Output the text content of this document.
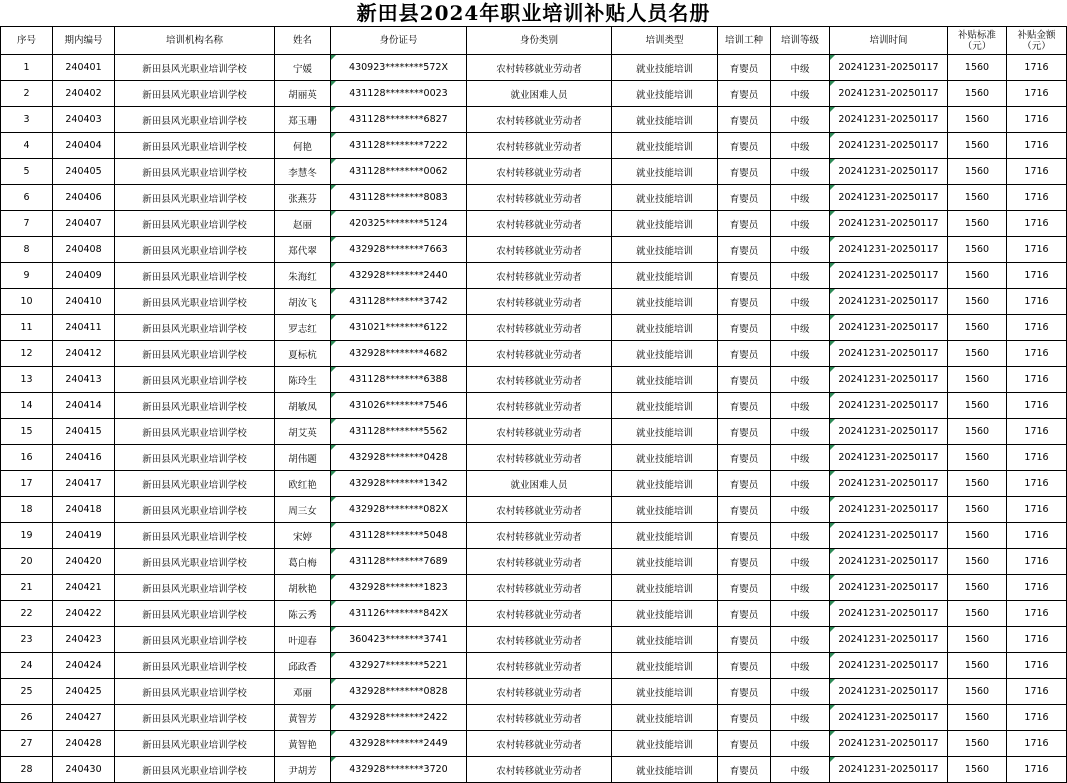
新田县2024年职业培训补贴人员名册
序号	期内编号	培训机构名称	姓名	身份证号	身份类别	培训类型	培训工种	培训等级	培训时间	补贴标准（元）	补贴金额（元）
1	240401	新田县风光职业培训学校	宁媛	430923********572X	农村转移就业劳动者	就业技能培训	育婴员	中级	20241231-20250117	1560	1716
2	240402	新田县风光职业培训学校	胡丽英	431128********0023	就业困难人员	就业技能培训	育婴员	中级	20241231-20250117	1560	1716
3	240403	新田县风光职业培训学校	郑玉珊	431128********6827	农村转移就业劳动者	就业技能培训	育婴员	中级	20241231-20250117	1560	1716
4	240404	新田县风光职业培训学校	何艳	431128********7222	农村转移就业劳动者	就业技能培训	育婴员	中级	20241231-20250117	1560	1716
5	240405	新田县风光职业培训学校	李慧冬	431128********0062	农村转移就业劳动者	就业技能培训	育婴员	中级	20241231-20250117	1560	1716
6	240406	新田县风光职业培训学校	张燕芬	431128********8083	农村转移就业劳动者	就业技能培训	育婴员	中级	20241231-20250117	1560	1716
7	240407	新田县风光职业培训学校	赵丽	420325********5124	农村转移就业劳动者	就业技能培训	育婴员	中级	20241231-20250117	1560	1716
8	240408	新田县风光职业培训学校	郑代翠	432928********7663	农村转移就业劳动者	就业技能培训	育婴员	中级	20241231-20250117	1560	1716
9	240409	新田县风光职业培训学校	朱海红	432928********2440	农村转移就业劳动者	就业技能培训	育婴员	中级	20241231-20250117	1560	1716
10	240410	新田县风光职业培训学校	胡汝飞	431128********3742	农村转移就业劳动者	就业技能培训	育婴员	中级	20241231-20250117	1560	1716
11	240411	新田县风光职业培训学校	罗志红	431021********6122	农村转移就业劳动者	就业技能培训	育婴员	中级	20241231-20250117	1560	1716
12	240412	新田县风光职业培训学校	夏标杭	432928********4682	农村转移就业劳动者	就业技能培训	育婴员	中级	20241231-20250117	1560	1716
13	240413	新田县风光职业培训学校	陈玲生	431128********6388	农村转移就业劳动者	就业技能培训	育婴员	中级	20241231-20250117	1560	1716
14	240414	新田县风光职业培训学校	胡敏凤	431026********7546	农村转移就业劳动者	就业技能培训	育婴员	中级	20241231-20250117	1560	1716
15	240415	新田县风光职业培训学校	胡艾英	431128********5562	农村转移就业劳动者	就业技能培训	育婴员	中级	20241231-20250117	1560	1716
16	240416	新田县风光职业培训学校	胡伟题	432928********0428	农村转移就业劳动者	就业技能培训	育婴员	中级	20241231-20250117	1560	1716
17	240417	新田县风光职业培训学校	欧红艳	432928********1342	就业困难人员	就业技能培训	育婴员	中级	20241231-20250117	1560	1716
18	240418	新田县风光职业培训学校	周三女	432928********082X	农村转移就业劳动者	就业技能培训	育婴员	中级	20241231-20250117	1560	1716
19	240419	新田县风光职业培训学校	宋婷	431128********5048	农村转移就业劳动者	就业技能培训	育婴员	中级	20241231-20250117	1560	1716
20	240420	新田县风光职业培训学校	葛白梅	431128********7689	农村转移就业劳动者	就业技能培训	育婴员	中级	20241231-20250117	1560	1716
21	240421	新田县风光职业培训学校	胡秋艳	432928********1823	农村转移就业劳动者	就业技能培训	育婴员	中级	20241231-20250117	1560	1716
22	240422	新田县风光职业培训学校	陈云秀	431126********842X	农村转移就业劳动者	就业技能培训	育婴员	中级	20241231-20250117	1560	1716
23	240423	新田县风光职业培训学校	叶迎春	360423********3741	农村转移就业劳动者	就业技能培训	育婴员	中级	20241231-20250117	1560	1716
24	240424	新田县风光职业培训学校	邱政香	432927********5221	农村转移就业劳动者	就业技能培训	育婴员	中级	20241231-20250117	1560	1716
25	240425	新田县风光职业培训学校	邓丽	432928********0828	农村转移就业劳动者	就业技能培训	育婴员	中级	20241231-20250117	1560	1716
26	240427	新田县风光职业培训学校	黄智芳	432928********2422	农村转移就业劳动者	就业技能培训	育婴员	中级	20241231-20250117	1560	1716
27	240428	新田县风光职业培训学校	黄智艳	432928********2449	农村转移就业劳动者	就业技能培训	育婴员	中级	20241231-20250117	1560	1716
28	240430	新田县风光职业培训学校	尹胡芳	432928********3720	农村转移就业劳动者	就业技能培训	育婴员	中级	20241231-20250117	1560	1716
